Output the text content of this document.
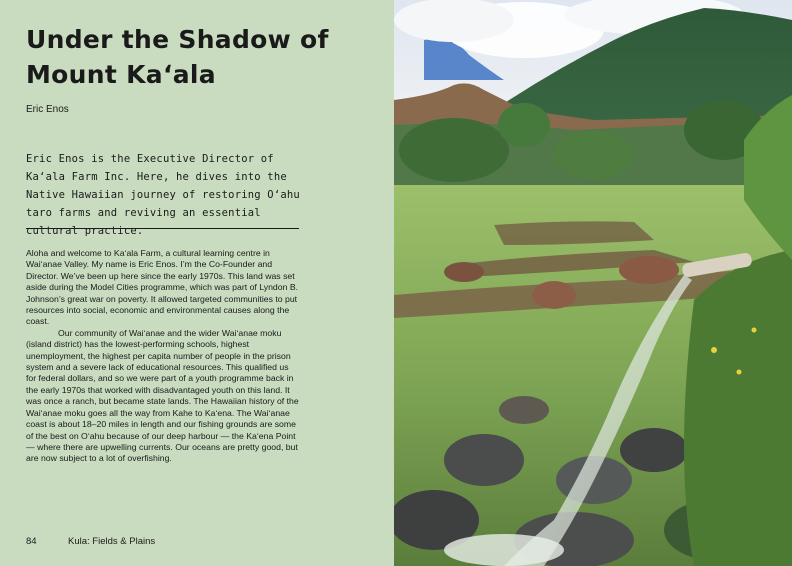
Under the Shadow of Mount Kaʻala

Eric Enos

Eric Enos is the Executive Director of Kaʻala Farm Inc. Here, he dives into the Native Hawaiian journey of restoring Oʻahu taro farms and reviving an essential cultural practice.

Aloha and welcome to Kaʻala Farm, a cultural learning centre in Waiʻanae Valley. My name is Eric Enos. I’m the Co-Founder and Director. We’ve been up here since the early 1970s. This land was set aside during the Model Cities programme, which was part of Lyndon B. Johnson’s great war on poverty. It allowed targeted communities to put resources into social, economic and environmental causes along the coast.

Our community of Waiʻanae and the wider Waiʻanae moku (island district) has the lowest-performing schools, highest unemployment, the highest per capita number of people in the prison system and a severe lack of educational resources. This qualified us for federal dollars, and so we were part of a youth programme back in the early 1970s that worked with disadvantaged youth on this land. It was once a ranch, but became state lands. The Hawaiian history of the Waiʻanae moku goes all the way from Kahe to Kaʻena. The Waiʻanae coast is about 18–20 miles in length and our fishing grounds are some of the best on Oʻahu because of our deep harbour — the Kaʻena Point — where there are upwelling currents. Our oceans are pretty good, but are now subject to a lot of overfishing.

84	Kula: Fields & Plains
